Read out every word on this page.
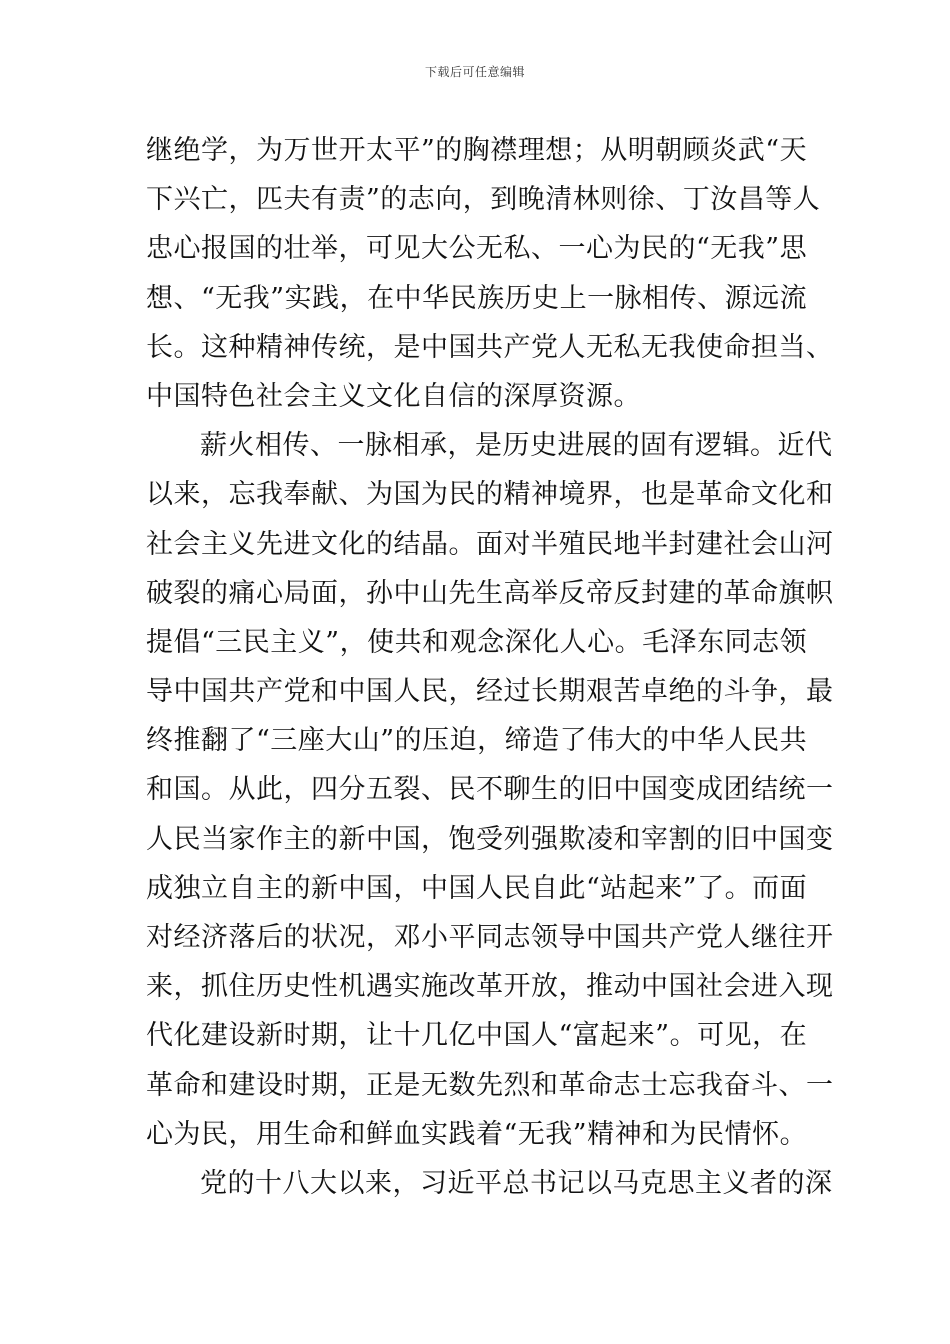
下载后可任意编辑
继绝学，为万世开太平”的胸襟理想；从明朝顾炎武“天
下兴亡，匹夫有责”的志向，到晚清林则徐、丁汝昌等人
忠心报国的壮举，可见大公无私、一心为民的“无我”思
想、“无我”实践，在中华民族历史上一脉相传、源远流
长。这种精神传统，是中国共产党人无私无我使命担当、
中国特色社会主义文化自信的深厚资源。
薪火相传、一脉相承，是历史进展的固有逻辑。近代
以来，忘我奉献、为国为民的精神境界，也是革命文化和
社会主义先进文化的结晶。面对半殖民地半封建社会山河
破裂的痛心局面，孙中山先生高举反帝反封建的革命旗帜
提倡“三民主义”，使共和观念深化人心。毛泽东同志领
导中国共产党和中国人民，经过长期艰苦卓绝的斗争，最
终推翻了“三座大山”的压迫，缔造了伟大的中华人民共
和国。从此，四分五裂、民不聊生的旧中国变成团结统一
人民当家作主的新中国，饱受列强欺凌和宰割的旧中国变
成独立自主的新中国，中国人民自此“站起来”了。而面
对经济落后的状况，邓小平同志领导中国共产党人继往开
来，抓住历史性机遇实施改革开放，推动中国社会进入现
代化建设新时期，让十几亿中国人“富起来”。可见，在
革命和建设时期，正是无数先烈和革命志士忘我奋斗、一
心为民，用生命和鲜血实践着“无我”精神和为民情怀。
党的十八大以来，习近平总书记以马克思主义者的深
